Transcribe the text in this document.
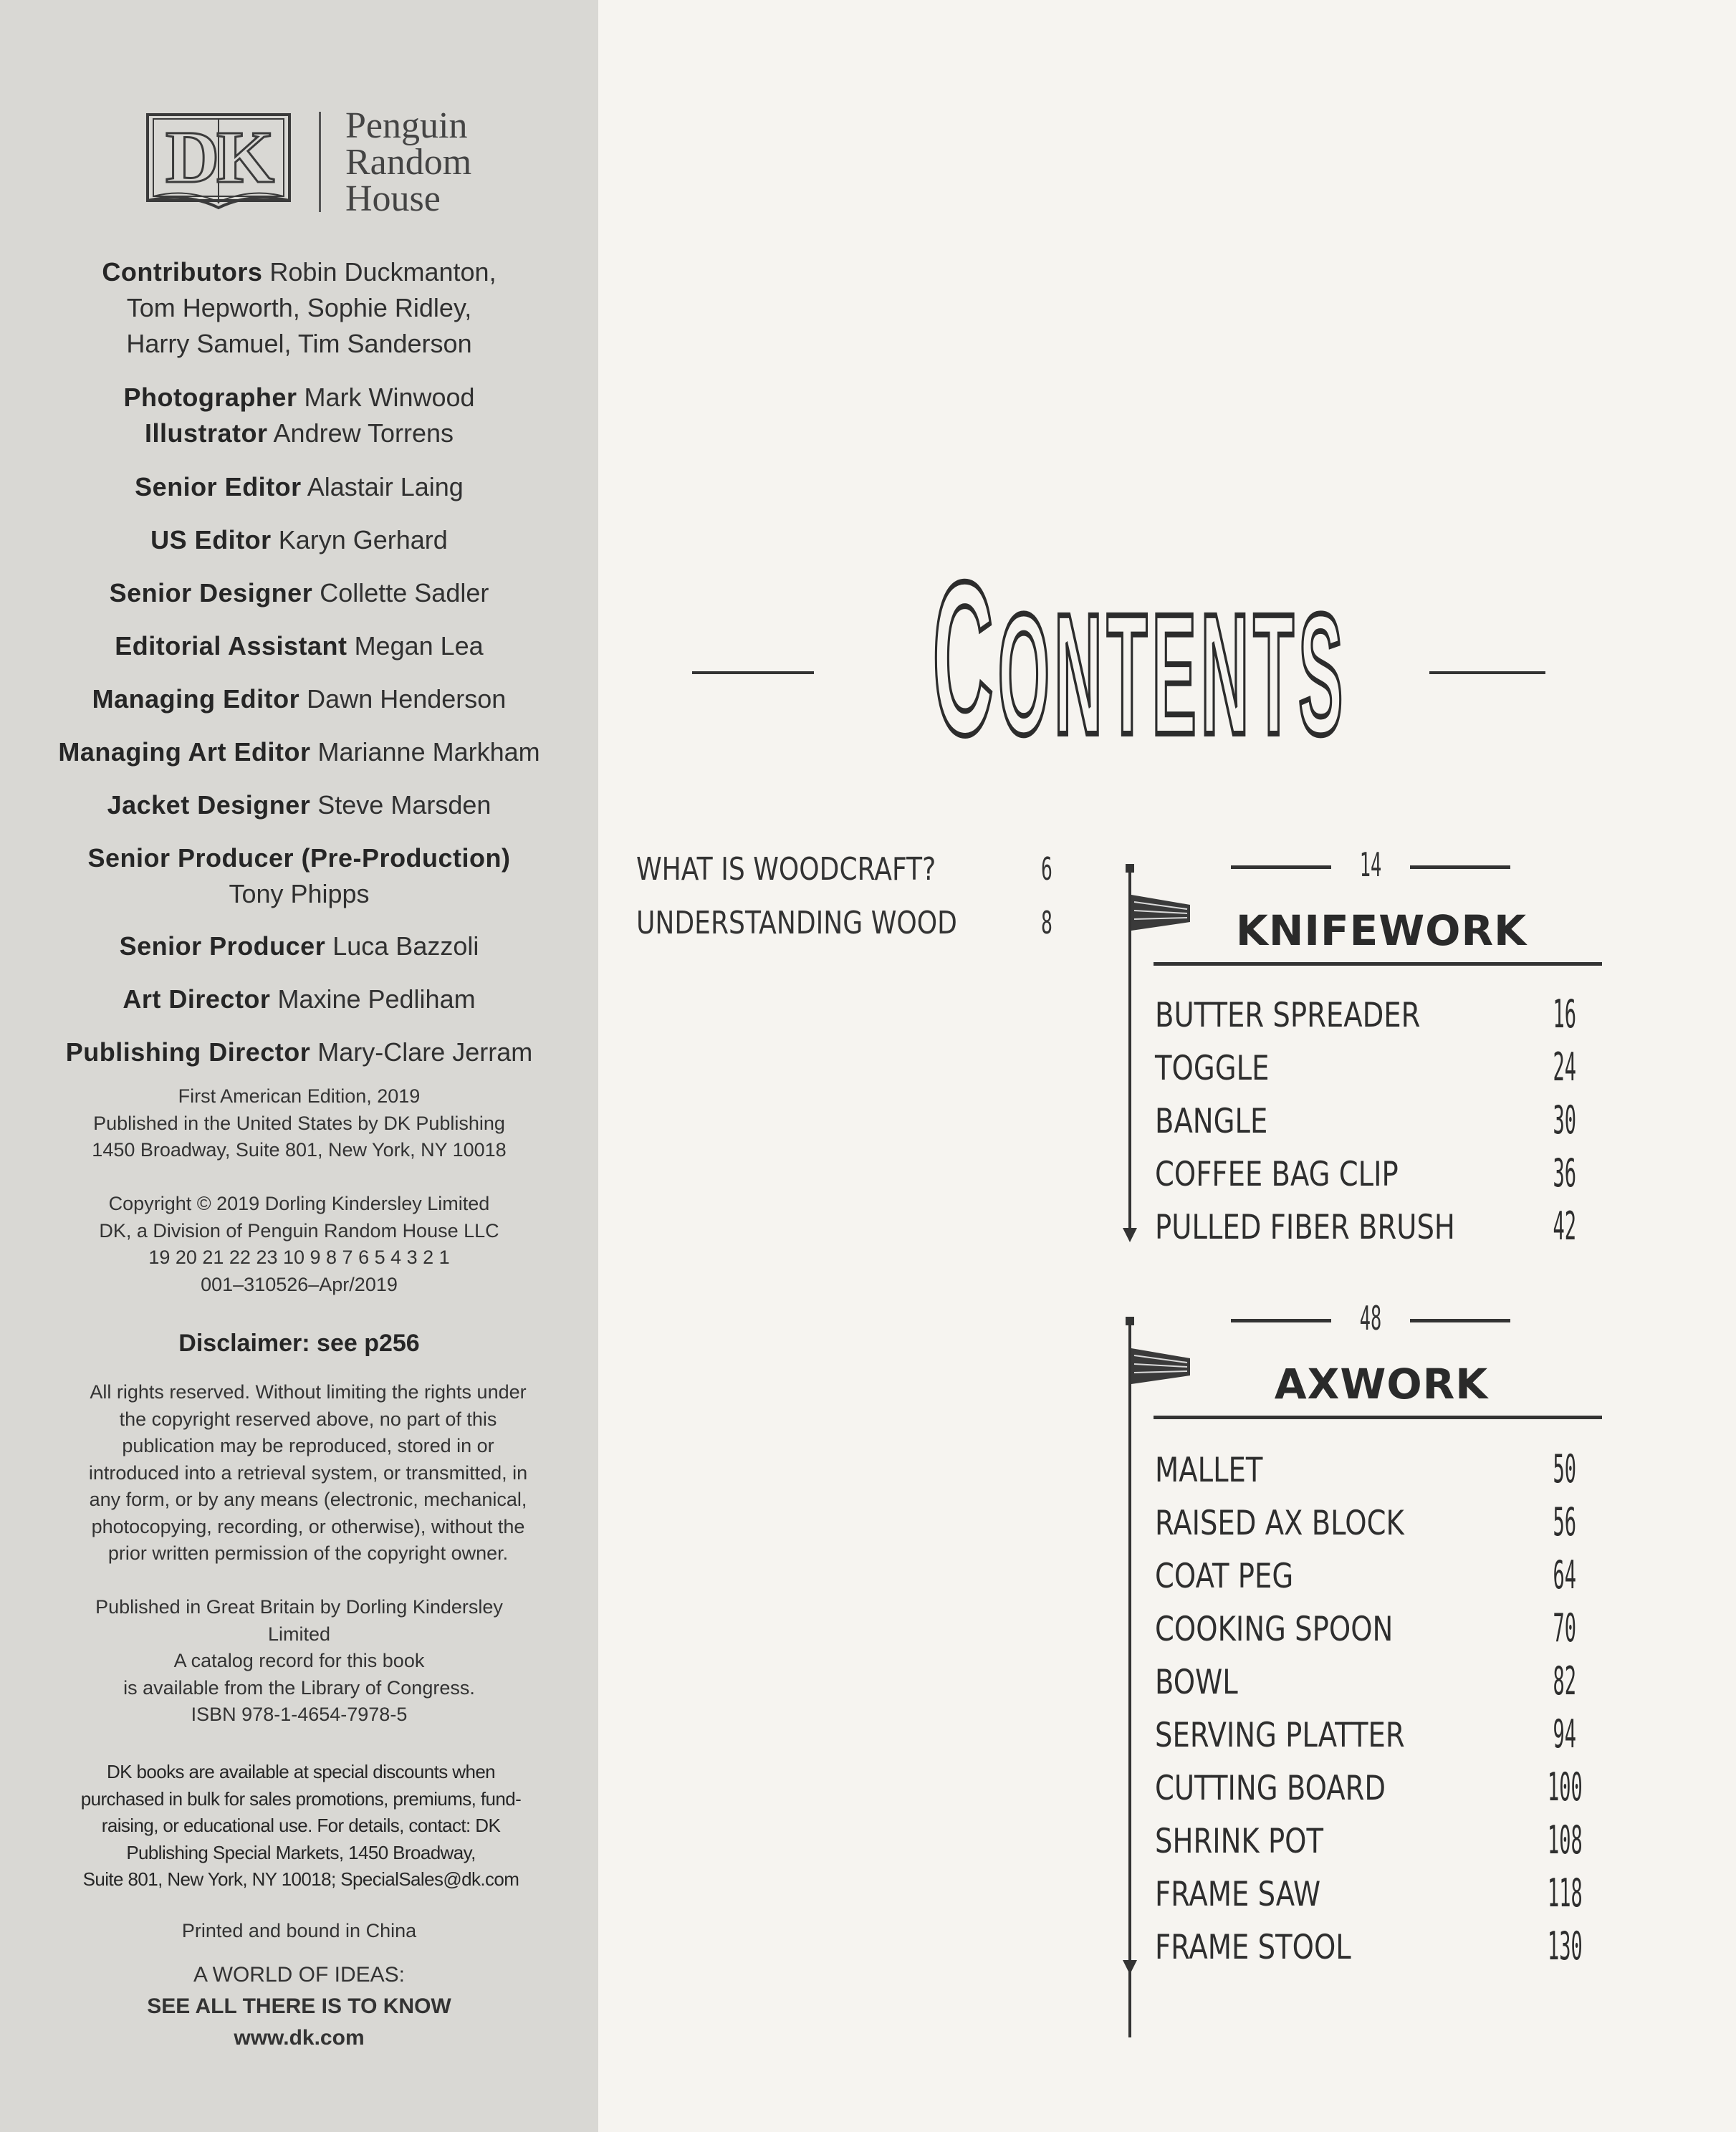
DK Penguin
Random
House
Contributors Robin Duckmanton,
Tom Hepworth, Sophie Ridley,
Harry Samuel, Tim Sanderson
Photographer Mark Winwood
Illustrator Andrew Torrens
Senior Editor Alastair Laing
US Editor Karyn Gerhard
Senior Designer Collette Sadler
Editorial Assistant Megan Lea
Managing Editor Dawn Henderson
Managing Art Editor Marianne Markham
Jacket Designer Steve Marsden
Senior Producer (Pre-Production)
Tony Phipps
Senior Producer Luca Bazzoli
Art Director Maxine Pedliham
Publishing Director Mary-Clare Jerram
First American Edition, 2019
Published in the United States by DK Publishing
1450 Broadway, Suite 801, New York, NY 10018
Copyright © 2019 Dorling Kindersley Limited
DK, a Division of Penguin Random House LLC
19 20 21 22 23 10 9 8 7 6 5 4 3 2 1
001–310526–Apr/2019
Disclaimer: see p256
All rights reserved. Without limiting the rights under
the copyright reserved above, no part of this
publication may be reproduced, stored in or
introduced into a retrieval system, or transmitted, in
any form, or by any means (electronic, mechanical,
photocopying, recording, or otherwise), without the
prior written permission of the copyright owner.
Published in Great Britain by Dorling Kindersley
Limited
A catalog record for this book
is available from the Library of Congress.
ISBN 978-1-4654-7978-5
DK books are available at special discounts when
purchased in bulk for sales promotions, premiums, fund-
raising, or educational use. For details, contact: DK
Publishing Special Markets, 1450 Broadway,
Suite 801, New York, NY 10018; SpecialSales@dk.com
Printed and bound in China
A WORLD OF IDEAS:
SEE ALL THERE IS TO KNOW
www.dk.com
CONTENTS
WHAT IS WOODCRAFT?	6
UNDERSTANDING WOOD	8
14
KNIFEWORK
BUTTER SPREADER
TOGGLE
BANGLE
COFFEE BAG CLIP
PULLED FIBER BRUSH
16
24
30
36
42
48
AXWORK
MALLET
RAISED AX BLOCK
COAT PEG
COOKING SPOON
BOWL
SERVING PLATTER
CUTTING BOARD
SHRINK POT
FRAME SAW
FRAME STOOL
50
56
64
70
82
94
100
108
118
130
